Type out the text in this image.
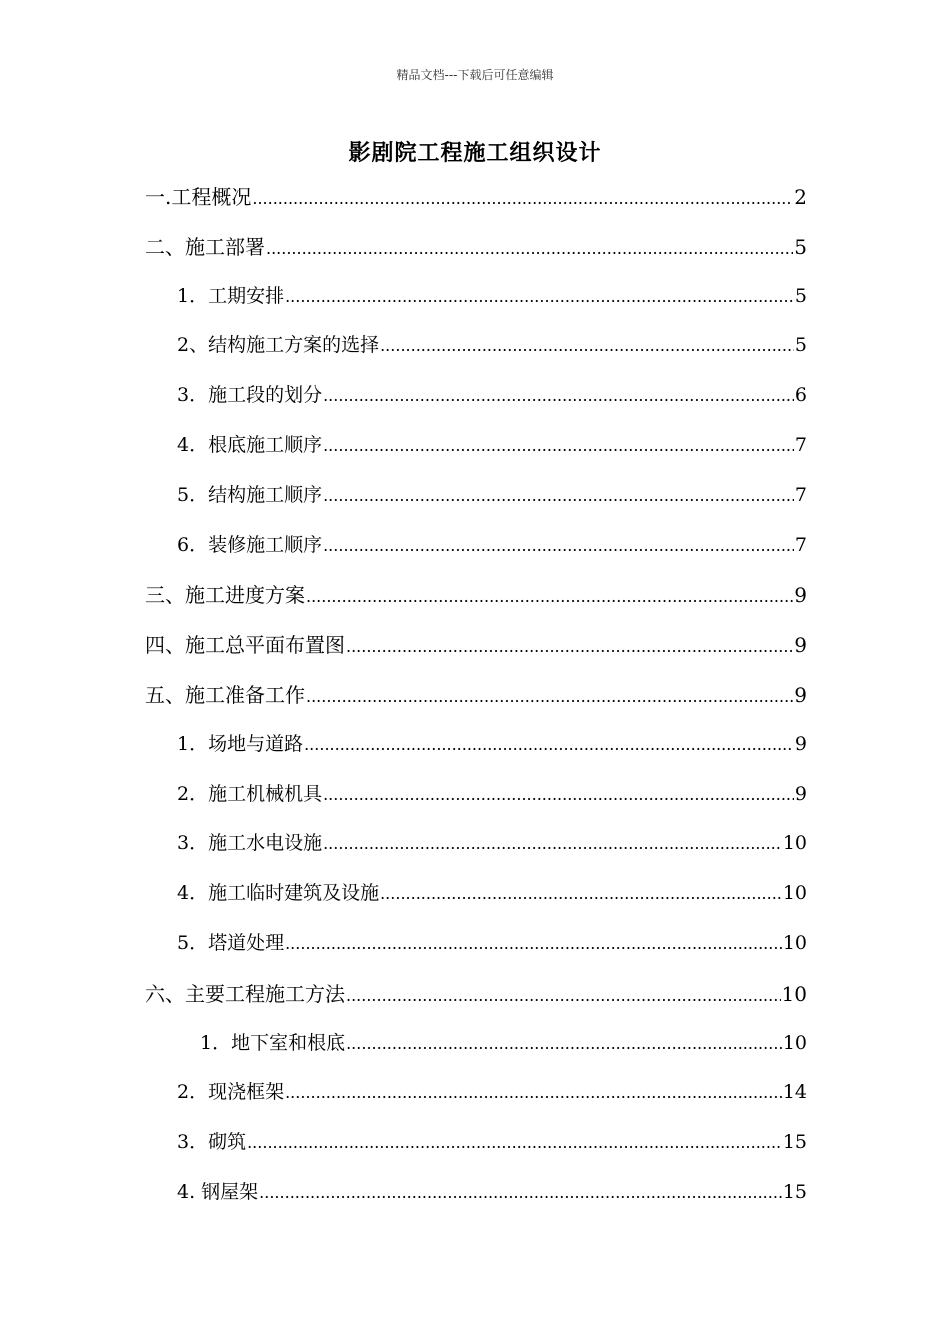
精品文档---下载后可任意编辑
影剧院工程施工组织设计
一.工程概况 .....	2
二、施工部署 .....	5
1．工期安排 .....	5
2、结构施工方案的选择 .....	5
3．施工段的划分 .....	6
4．根底施工顺序 .....	7
5．结构施工顺序 .....	7
6．装修施工顺序 .....	7
三、施工进度方案 .....	9
四、施工总平面布置图 .....	9
五、施工准备工作 .....	9
1．场地与道路 .....	9
2．施工机械机具 .....	9
3．施工水电设施 .....	10
4．施工临时建筑及设施 .....	10
5．塔道处理 .....	10
六、主要工程施工方法 .....	10
1．地下室和根底 .....	10
2．现浇框架 .....	14
3．砌筑 .....	15
4. 钢屋架 .....	15
